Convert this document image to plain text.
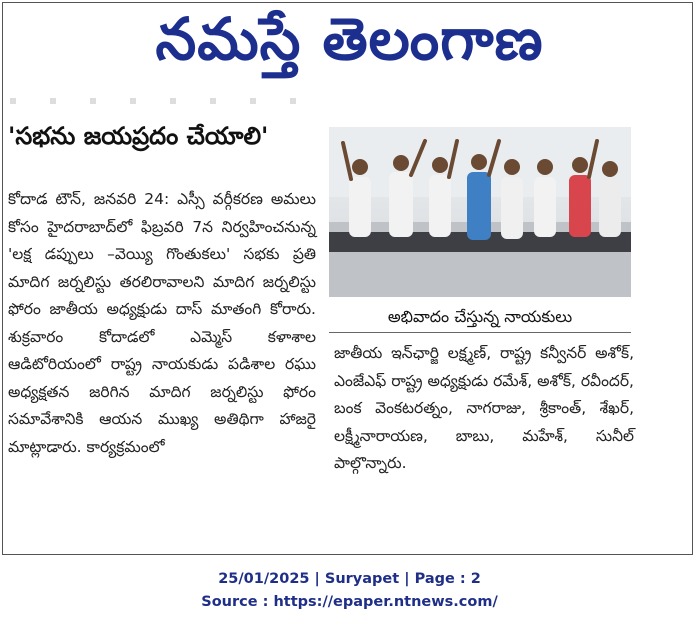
నమస్తే తెలంగాణ
'సభను జయప్రదం చేయాలి'
కోదాడ టౌన్, జనవరి 24: ఎస్సీ వర్గీకరణ అమలు కోసం హైదరాబాద్‌లో ఫిబ్రవరి 7న నిర్వహించనున్న 'లక్ష డప్పులు –వెయ్యి గొంతుకలు' సభకు ప్రతి మాదిగ జర్నలిస్టు తరలిరావాలని మాదిగ జర్నలిస్టు ఫోరం జాతీయ అధ్యక్షుడు దాస్ మాతంగి కోరారు. శుక్రవారం కోదాడలో ఎమ్మెస్ కళాశాల ఆడిటోరియంలో రాష్ట్ర నాయకుడు పడిశాల రఘు అధ్యక్షతన జరిగిన మాదిగ జర్నలిస్టు ఫోరం సమావేశానికి ఆయన ముఖ్య అతిథిగా హాజరై మాట్లాడారు. కార్యక్రమంలో
అభివాదం చేస్తున్న నాయకులు
జాతీయ ఇన్‌ఛార్జి లక్ష్మణ్, రాష్ట్ర కన్వీనర్ అశోక్, ఎంజేఎఫ్ రాష్ట్ర అధ్యక్షుడు రమేశ్, అశోక్, రవీందర్, బంక వెంకటరత్నం, నాగరాజు, శ్రీకాంత్, శేఖర్, లక్ష్మీనారాయణ, బాబు, మహేశ్, సునీల్ పాల్గొన్నారు.
25/01/2025 | Suryapet | Page : 2
Source : https://epaper.ntnews.com/
